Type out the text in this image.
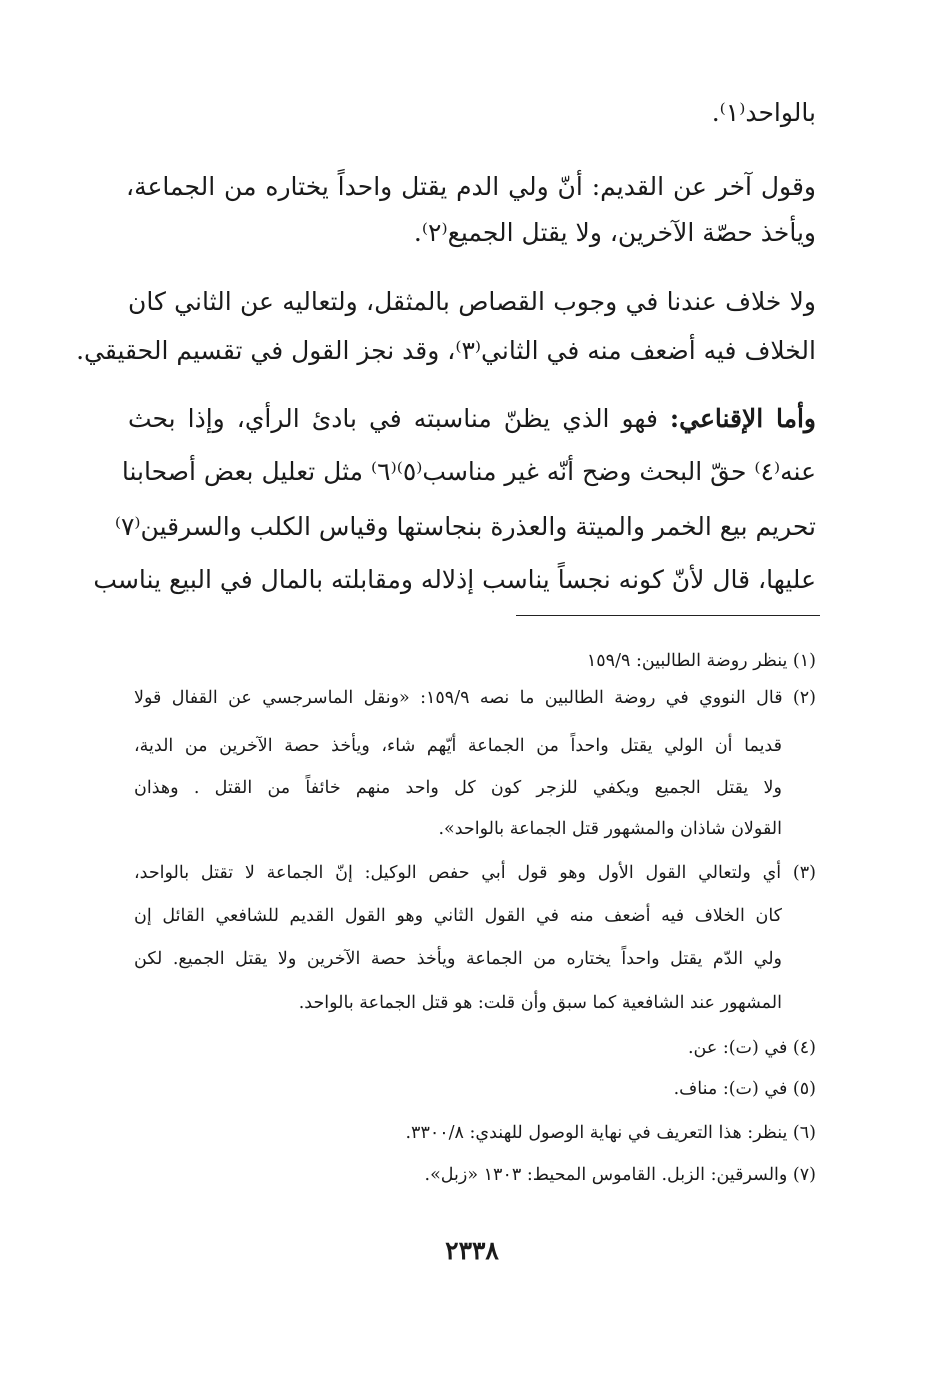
بالواحد⁽١⁾.
وقول آخر عن القديم: أنّ ولي الدم يقتل واحداً يختاره من الجماعة،
ويأخذ حصّة الآخرين، ولا يقتل الجميع⁽٢⁾.
ولا خلاف عندنا في وجوب القصاص بالمثقل، ولتعاليه عن الثاني كان
الخلاف فيه أضعف منه في الثاني⁽٣⁾، وقد نجز القول في تقسيم الحقيقي.
وأما الإقناعي: فهو الذي يظنّ مناسبته في بادئ الرأي، وإذا بحث
عنه⁽٤⁾ حقّ البحث وضح أنّه غير مناسب⁽٥⁾⁽٦⁾ مثل تعليل بعض أصحابنا
تحريم بيع الخمر والميتة والعذرة بنجاستها وقياس الكلب والسرقين⁽٧⁾
عليها، قال لأنّ كونه نجساً يناسب إذلاله ومقابلته بالمال في البيع يناسب
(١) ينظر روضة الطالبين: ١٥٩/٩
(٢) قال النووي في روضة الطالبين ما نصه ١٥٩/٩: «ونقل الماسرجسي عن القفال قولا
قديما أن الولي يقتل واحداً من الجماعة أيّهم شاء، ويأخذ حصة الآخرين من الدية،
ولا يقتل الجميع ويكفي للزجر كون كل واحد منهم خائفاً من القتل . وهذان
القولان شاذان والمشهور قتل الجماعة بالواحد».
(٣) أي ولتعالي القول الأول وهو قول أبي حفص الوكيل: إنّ الجماعة لا تقتل بالواحد،
كان الخلاف فيه أضعف منه في القول الثاني وهو القول القديم للشافعي القائل إن
ولي الدّم يقتل واحداً يختاره من الجماعة ويأخذ حصة الآخرين ولا يقتل الجميع. لكن
المشهور عند الشافعية كما سبق وأن قلت: هو قتل الجماعة بالواحد.
(٤) في (ت): عن.
(٥) في (ت): مناف.
(٦) ينظر: هذا التعريف في نهاية الوصول للهندي: ٣٣٠٠/٨.
(٧) والسرقين: الزبل. القاموس المحيط: ١٣٠٣ «زبل».
٢٣٣٨
